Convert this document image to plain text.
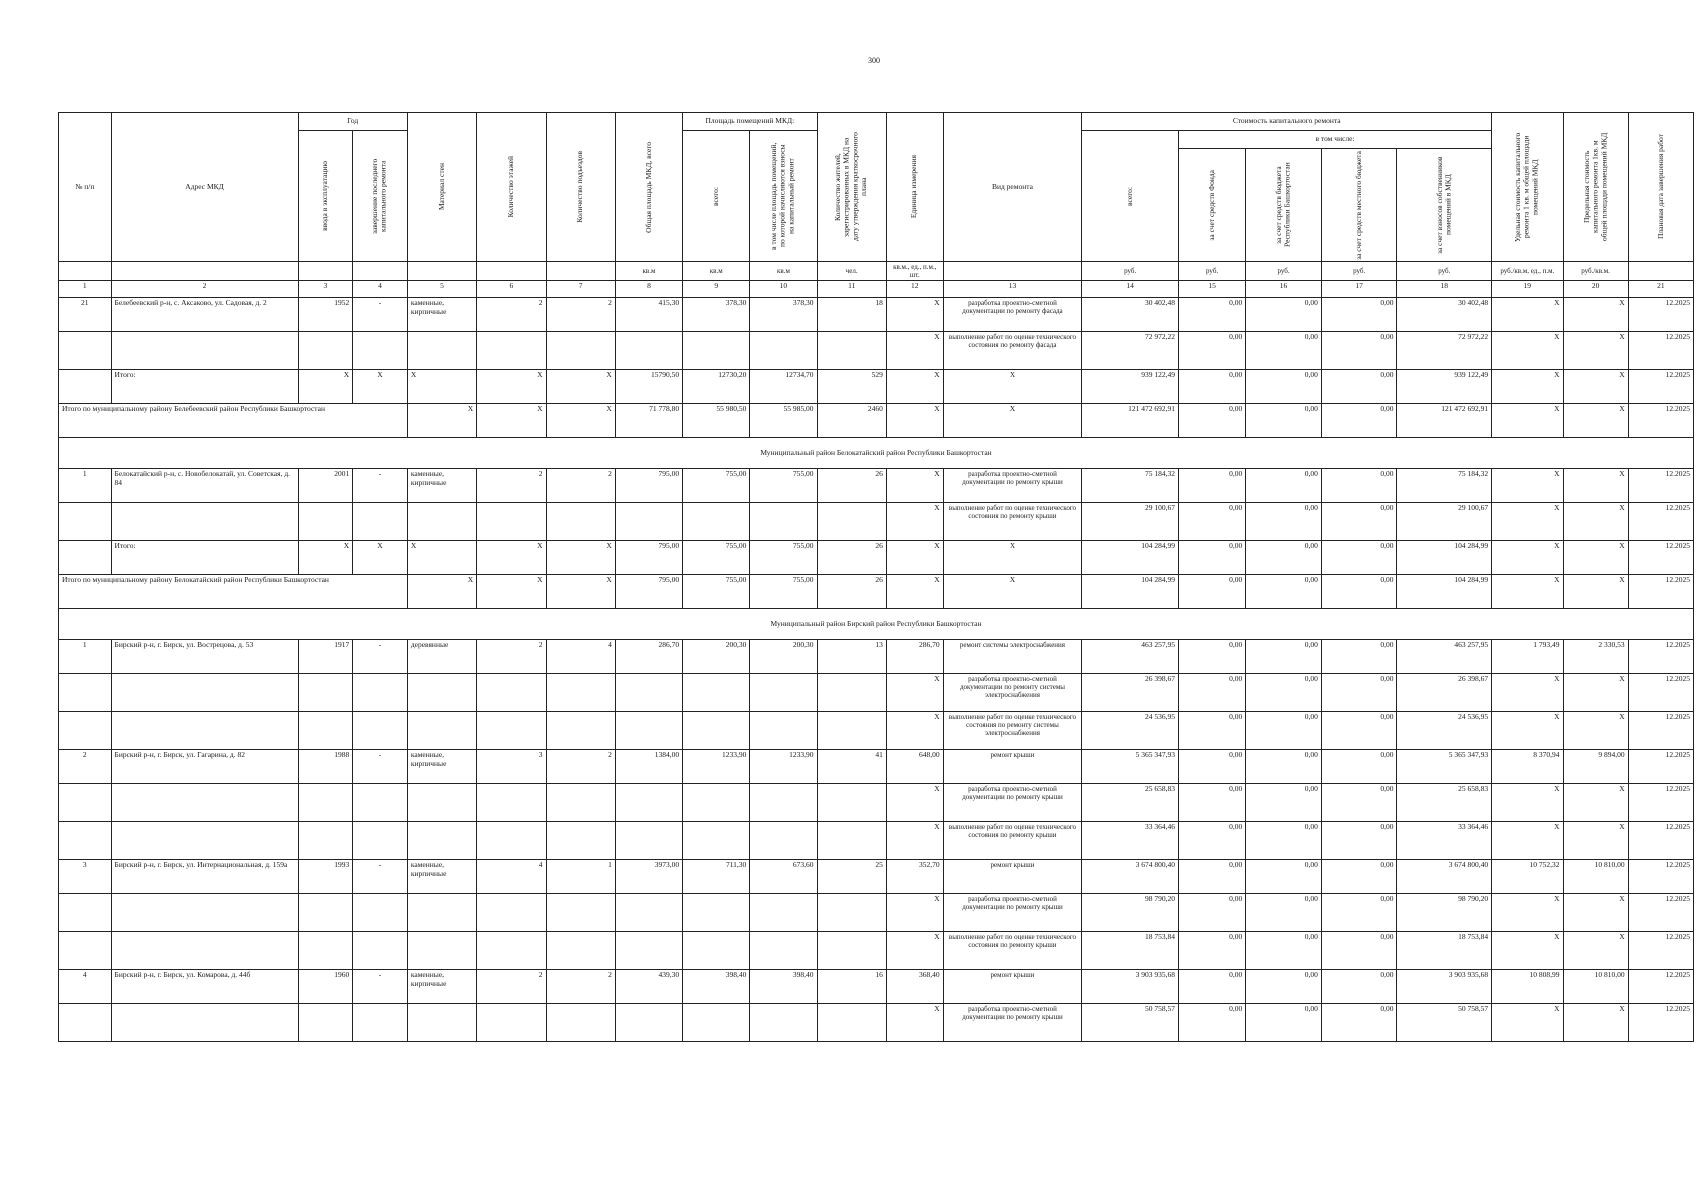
300
№ п/п	Адрес МКД	Год		Материал стен	Количество этажей	Количество подъездов	Общая площадь МКД, всего	Площадь помещений МКД:		Количество жителей, зарегистрированных в МКД на дату утверждения краткосрочного плана	Единица измерения	Вид ремонта	Стоимость капитального ремонта					Удельная стоимость капитального ремонта 1 кв. м общей площади помещений МКД	Предельная стоимость капитального ремонта 1кв. м общей площади помещений МКД	Плановая дата завершения работ

		ввода в эксплуатацию	завершение последнего капитального ремонта					всего:	в том числе площадь помещений, по которой начисляются взносы на капитальный ремонт				всего:	в том числе:						

														за счет средств Фонда	за счет средств бюджета Республики Башкортостан	за счет средств местного бюджета	за счет взносов собственников помещений в МКД			

							кв.м	кв.м	кв.м	чел.	кв.м., ед., п.м., шт.		руб.	руб.	руб.	руб.	руб.	руб./кв.м, ед., п.м.	руб./кв.м.	
1	2	3	4	5	6	7	8	9	10	11	12	13	14	15	16	17	18	19	20	21
21	Белебеевский р-н, с. Аксаково, ул. Садовая, д. 2	1952	-	каменные, кирпичные	2	2	415,30	378,30	378,30	18	X	разработка проектно-сметной документации по ремонту фасада	30 402,48	0,00	0,00	0,00	30 402,48	X	X	12.2025
											X	выполнение работ по оценке технического состояния по ремонту фасада	72 972,22	0,00	0,00	0,00	72 972,22	X	X	12.2025
	Итого:	X	X	X	X	X	15790,50	12730,20	12734,70	529	X	X	939 122,49	0,00	0,00	0,00	939 122,49	X	X	12.2025
Итого по муниципальному району Белебеевский район Республики Башкортостан				X	X	X	71 778,80	55 980,50	55 985,00	2460	X	X	121 472 692,91	0,00	0,00	0,00	121 472 692,91	X	X	12.2025
Муниципальный район Белокатайский район Республики Башкортостан																				
1	Белокатайский р-н, с. Новобелокатай, ул. Советская, д. 84	2001	-	каменные, кирпичные	2	2	795,00	755,00	755,00	26	X	разработка проектно-сметной документации по ремонту крыши	75 184,32	0,00	0,00	0,00	75 184,32	X	X	12.2025
											X	выполнение работ по оценке технического состояния по ремонту крыши	29 100,67	0,00	0,00	0,00	29 100,67	X	X	12.2025
	Итого:	X	X	X	X	X	795,00	755,00	755,00	26	X	X	104 284,99	0,00	0,00	0,00	104 284,99	X	X	12.2025
Итого по муниципальному району Белокатайский район Республики Башкортостан				X	X	X	795,00	755,00	755,00	26	X	X	104 284,99	0,00	0,00	0,00	104 284,99	X	X	12.2025
Муниципальный район Бирский район Республики Башкортостан																				
1	Бирский р-н, г. Бирск, ул. Вострецова, д. 53	1917	-	деревянные	2	4	286,70	200,30	200,30	13	286,70	ремонт системы электроснабжения	463 257,95	0,00	0,00	0,00	463 257,95	1 793,49	2 330,53	12.2025
											X	разработка проектно-сметной документации по ремонту системы электроснабжения	26 398,67	0,00	0,00	0,00	26 398,67	X	X	12.2025
											X	выполнение работ по оценке технического состояния по ремонту системы электроснабжения	24 536,95	0,00	0,00	0,00	24 536,95	X	X	12.2025
2	Бирский р-н, г. Бирск, ул. Гагарина, д. 82	1988	-	каменные, кирпичные	3	2	1384,00	1233,90	1233,90	41	648,00	ремонт крыши	5 365 347,93	0,00	0,00	0,00	5 365 347,93	8 370,94	9 894,00	12.2025
											X	разработка проектно-сметной документации по ремонту крыши	25 658,83	0,00	0,00	0,00	25 658,83	X	X	12.2025
											X	выполнение работ по оценке технического состояния по ремонту крыши	33 364,46	0,00	0,00	0,00	33 364,46	X	X	12.2025
3	Бирский р-н, г. Бирск, ул. Интернациональная, д. 159а	1993	-	каменные, кирпичные	4	1	3973,00	711,30	673,60	25	352,70	ремонт крыши	3 674 800,40	0,00	0,00	0,00	3 674 800,40	10 752,32	10 810,00	12.2025
											X	разработка проектно-сметной документации по ремонту крыши	98 790,20	0,00	0,00	0,00	98 790,20	X	X	12.2025
											X	выполнение работ по оценке технического состояния по ремонту крыши	18 753,84	0,00	0,00	0,00	18 753,84	X	X	12.2025
4	Бирский р-н, г. Бирск, ул. Комарова, д. 44б	1960	-	каменные, кирпичные	2	2	439,30	398,40	398,40	16	368,40	ремонт крыши	3 903 935,68	0,00	0,00	0,00	3 903 935,68	10 808,99	10 810,00	12.2025
											X	разработка проектно-сметной документации по ремонту крыши	50 758,57	0,00	0,00	0,00	50 758,57	X	X	12.2025
